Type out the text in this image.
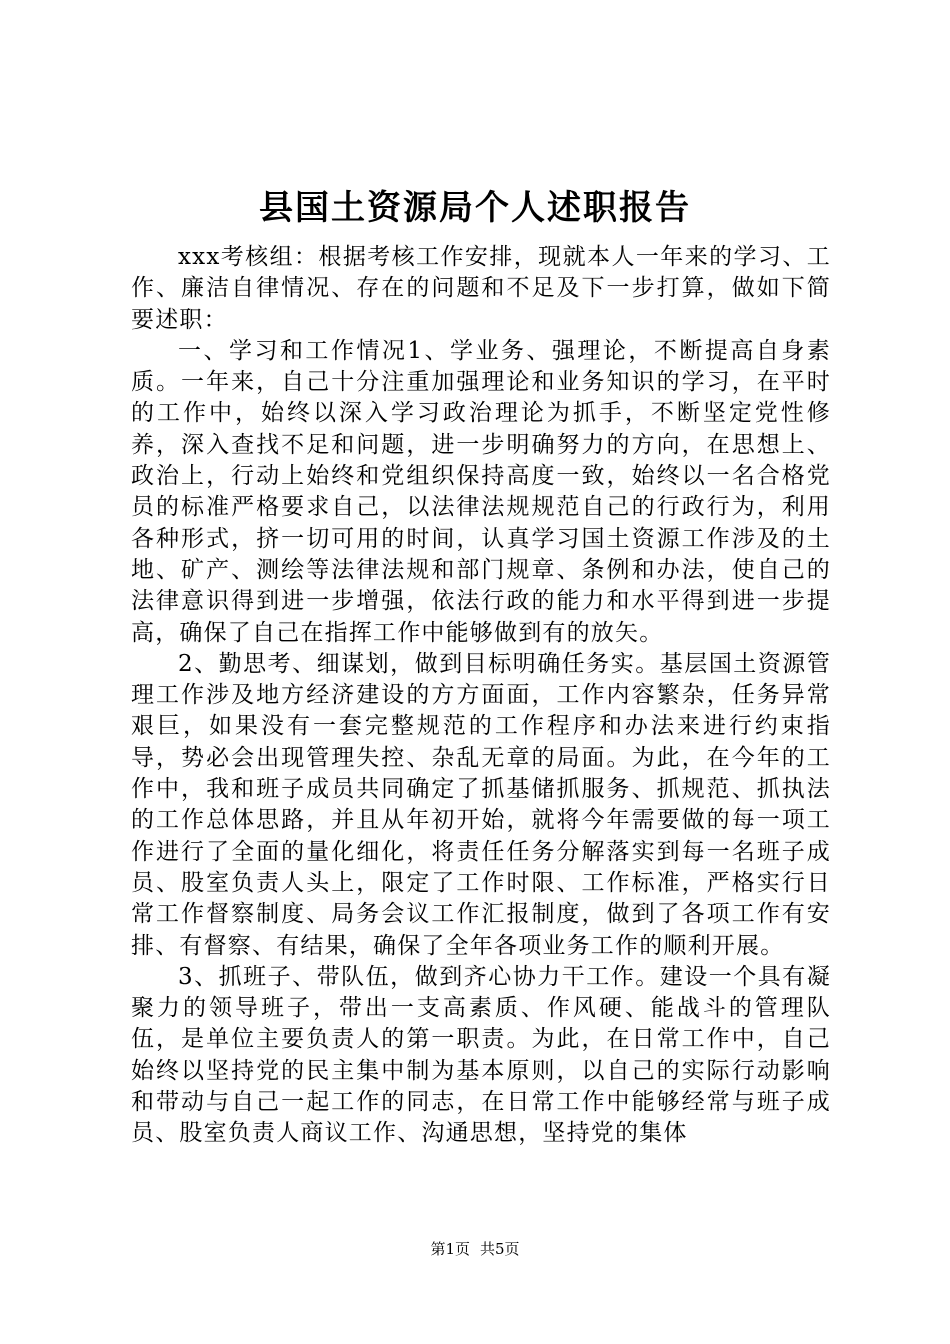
县国土资源局个人述职报告

xxx考核组：根据考核工作安排，现就本人一年来的学习、工作、廉洁自律情况、存在的问题和不足及下一步打算，做如下简要述职：

一、学习和工作情况1、学业务、强理论，不断提高自身素质。一年来，自己十分注重加强理论和业务知识的学习，在平时的工作中，始终以深入学习政治理论为抓手，不断坚定党性修养，深入查找不足和问题，进一步明确努力的方向，在思想上、政治上，行动上始终和党组织保持高度一致，始终以一名合格党员的标准严格要求自己，以法律法规规范自己的行政行为，利用各种形式，挤一切可用的时间，认真学习国土资源工作涉及的土地、矿产、测绘等法律法规和部门规章、条例和办法，使自己的法律意识得到进一步增强，依法行政的能力和水平得到进一步提高，确保了自己在指挥工作中能够做到有的放矢。

2、勤思考、细谋划，做到目标明确任务实。基层国土资源管理工作涉及地方经济建设的方方面面，工作内容繁杂，任务异常艰巨，如果没有一套完整规范的工作程序和办法来进行约束指导，势必会出现管理失控、杂乱无章的局面。为此，在今年的工作中，我和班子成员共同确定了抓基储抓服务、抓规范、抓执法的工作总体思路，并且从年初开始，就将今年需要做的每一项工作进行了全面的量化细化，将责任任务分解落实到每一名班子成员、股室负责人头上，限定了工作时限、工作标准，严格实行日常工作督察制度、局务会议工作汇报制度，做到了各项工作有安排、有督察、有结果，确保了全年各项业务工作的顺利开展。

3、抓班子、带队伍，做到齐心协力干工作。建设一个具有凝聚力的领导班子，带出一支高素质、作风硬、能战斗的管理队伍，是单位主要负责人的第一职责。为此，在日常工作中，自己始终以坚持党的民主集中制为基本原则，以自己的实际行动影响和带动与自己一起工作的同志，在日常工作中能够经常与班子成员、股室负责人商议工作、沟通思想，坚持党的集体

第1页 共5页
